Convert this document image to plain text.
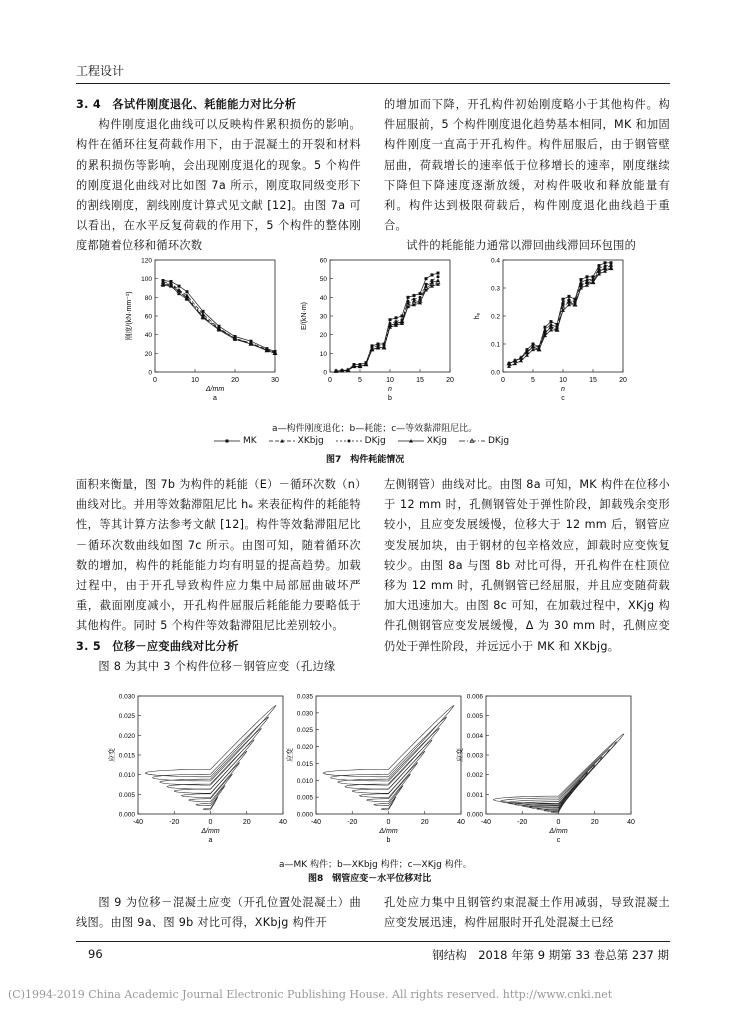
工程设计

3. 4　各试件刚度退化、耗能能力对比分析

构件刚度退化曲线可以反映构件累积损伤的影响。构件在循环往复荷载作用下，由于混凝土的开裂和材料的累积损伤等影响，会出现刚度退化的现象。5 个构件的刚度退化曲线对比如图 7a 所示，刚度取同级变形下的割线刚度，割线刚度计算式见文献 [12]。由图 7a 可以看出，在水平反复荷载的作用下，5 个构件的整体刚度都随着位移和循环次数

的增加而下降，开孔构件初始刚度略小于其他构件。构件屈服前，5 个构件刚度退化趋势基本相同，MK 和加固构件刚度一直高于开孔构件。构件屈服后，由于钢管壁屈曲，荷载增长的速率低于位移增长的速率，刚度继续下降但下降速度逐渐放缓，对构件吸收和释放能量有利。构件达到极限荷载后，构件刚度退化曲线趋于重合。

试件的耗能能力通常以滞回曲线滞回环包围的

0	10	20	30
0
20
40
60
80
100
120
Δ/mm
a
刚度/(kN·mm⁻¹)
0	5	10	15	20
0
10
20
30
40
50
60
n
b
E/(kN·m)
0	5	10	15	20
0.0
0.1
0.2
0.3
0.4
n
c
hₑ
a—构件刚度退化；b—耗能；c—等效黏滞阻尼比。
MK	XKbjg	DKjg	XKjg	DKjg
图7　构件耗能情况

面积来衡量，图 7b 为构件的耗能（E）－循环次数（n）曲线对比。并用等效黏滞阻尼比 hₑ 来表征构件的耗能特性，等其计算方法参考文献 [12]。构件等效黏滞阻尼比－循环次数曲线如图 7c 所示。由图可知，随着循环次数的增加，构件的耗能能力均有明显的提高趋势。加载过程中，由于开孔导致构件应力集中局部屈曲破坏严重，截面刚度减小，开孔构件屈服后耗能能力要略低于其他构件。同时 5 个构件等效黏滞阻尼比差别较小。

3. 5　位移－应变曲线对比分析

图 8 为其中 3 个构件位移－钢管应变（孔边缘

左侧钢管）曲线对比。由图 8a 可知，MK 构件在位移小于 12 mm 时，孔侧钢管处于弹性阶段，卸载残余变形较小，且应变发展缓慢，位移大于 12 mm 后，钢管应变发展加块，由于钢材的包辛格效应，卸载时应变恢复较少。由图 8a 与图 8b 对比可得，开孔构件在柱顶位移为 12 mm 时，孔侧钢管已经屈服，并且应变随荷载加大迅速加大。由图 8c 可知，在加载过程中，XKjg 构件孔侧钢管应变发展缓慢，Δ 为 30 mm 时，孔侧应变仍处于弹性阶段，并远远小于 MK 和 XKbjg。

-40	-20	0	20	40
0.000
0.005
0.010
0.015
0.020
0.025
0.030
Δ/mm
a
应变
-40	-20	0	20	40
0.000
0.005
0.010
0.015
0.020
0.025
0.030
0.035
Δ/mm
b
应变
-40	-20	0	20	40
0.000
0.001
0.002
0.003
0.004
0.005
0.006
Δ/mm
c
应变
a—MK 构件；b—XKbjg 构件；c—XKjg 构件。
图8　钢管应变－水平位移对比

图 9 为位移－混凝土应变（开孔位置处混凝土）曲线图。由图 9a、图 9b 对比可得，XKbjg 构件开

孔处应力集中且钢管约束混凝土作用减弱，导致混凝土应变发展迅速，构件屈服时开孔处混凝土已经

96	钢结构　2018 年第 9 期第 33 卷总第 237 期
(C)1994-2019 China Academic Journal Electronic Publishing House. All rights reserved. http://www.cnki.net
